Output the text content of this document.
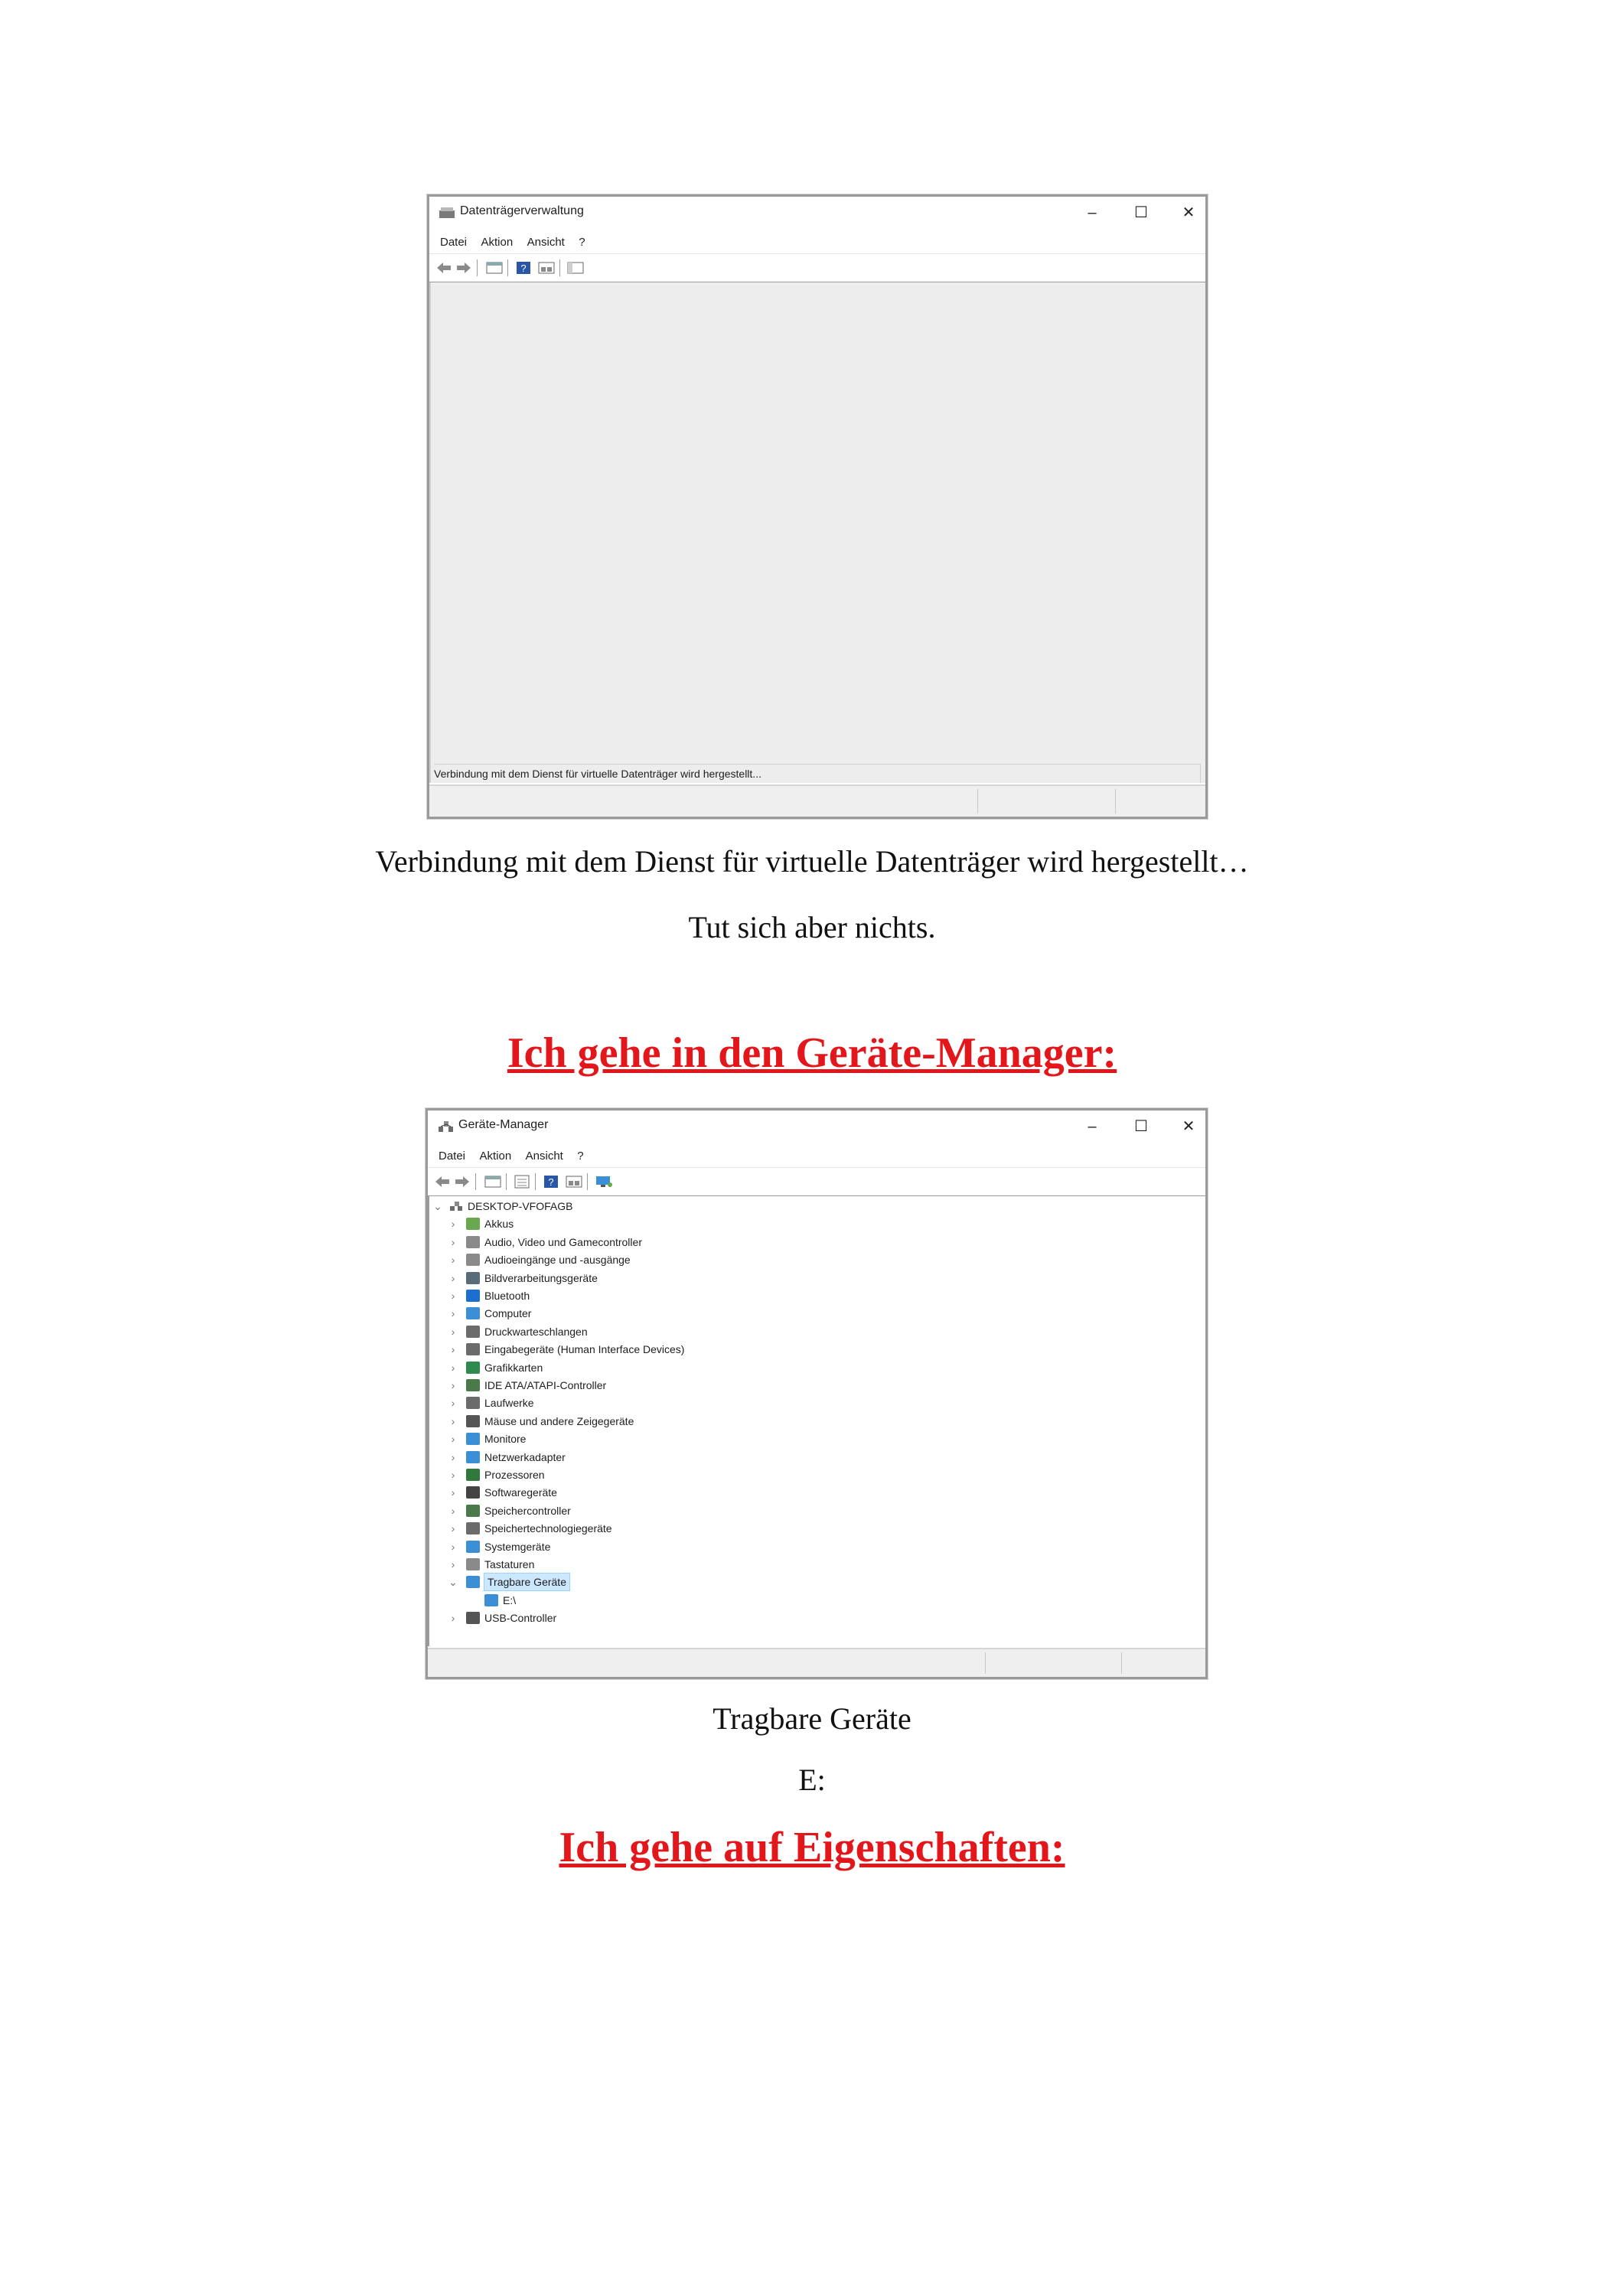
Datenträgerverwaltung	–	☐	✕
Datei Aktion Ansicht ?
?
Verbindung mit dem Dienst für virtuelle Datenträger wird hergestellt...
Verbindung mit dem Dienst für virtuelle Datenträger wird hergestellt…
Tut sich aber nichts.
Ich gehe in den Geräte-Manager:
Geräte-Manager	–	☐	✕
Datei Aktion Ansicht ?
?
⌄ DESKTOP-VFOFAGB
›	Akkus
›	Audio, Video und Gamecontroller
›	Audioeingänge und -ausgänge
›	Bildverarbeitungsgeräte
›	Bluetooth
›	Computer
›	Druckwarteschlangen
›	Eingabegeräte (Human Interface Devices)
›	Grafikkarten
›	IDE ATA/ATAPI-Controller
›	Laufwerke
›	Mäuse und andere Zeigegeräte
›	Monitore
›	Netzwerkadapter
›	Prozessoren
›	Softwaregeräte
›	Speichercontroller
›	Speichertechnologiegeräte
›	Systemgeräte
›	Tastaturen
⌄	Tragbare Geräte
E:\
›	USB-Controller
Tragbare Geräte
E:
Ich gehe auf Eigenschaften:
